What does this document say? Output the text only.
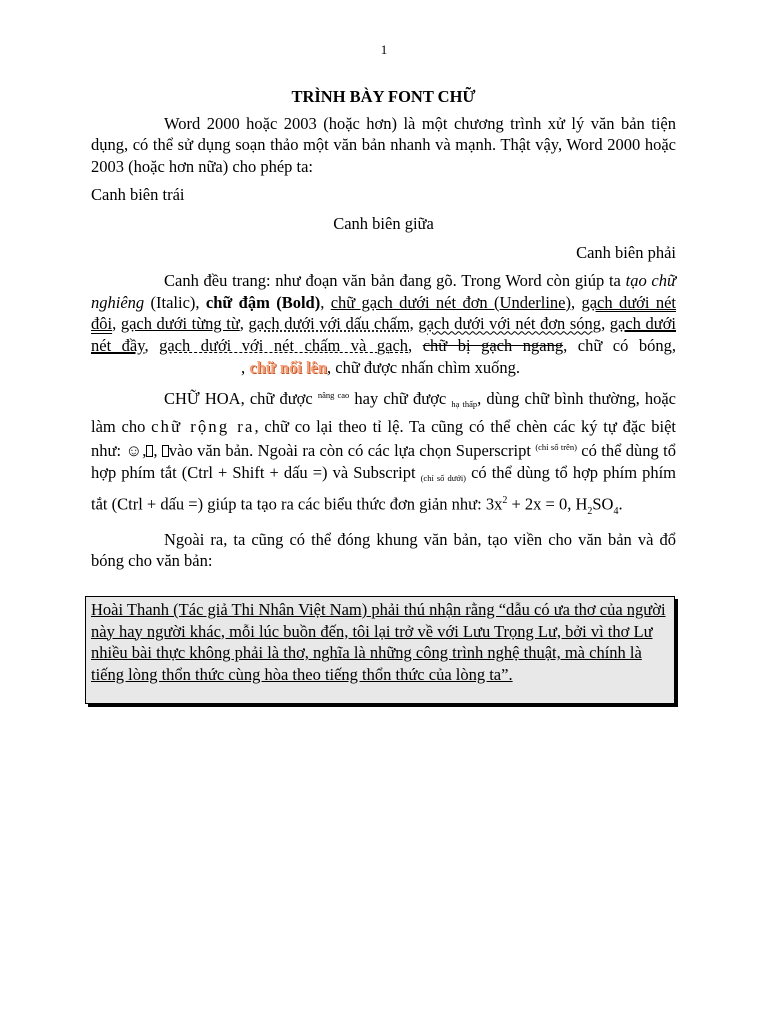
1

TRÌNH BÀY FONT CHỮ

Word 2000 hoặc 2003 (hoặc hơn) là một chương trình xử lý văn bản tiện dụng, có thể sử dụng soạn thảo một văn bản nhanh và mạnh. Thật vậy, Word 2000 hoặc 2003 (hoặc hơn nữa) cho phép ta:

Canh biên trái

Canh biên giữa

Canh biên phải

Canh đều trang: như đoạn văn bản đang gõ. Trong Word còn giúp ta tạo chữ nghiêng (Italic), chữ đậm (Bold), chữ gạch dưới nét đơn (Underline), gạch dưới nét đôi, gạch dưới từng từ, gạch dưới với dấu chấm, gạch dưới với nét đơn sóng, gạch dưới nét đầy, gạch dưới với nét chấm và gạch, chữ bị gạch ngang, chữ có bóng, , chữ nổi lên, chữ được nhấn chìm xuống.

CHỮ HOA, chữ được $^{nâng cao}$ hay chữ được hạ thấp, dùng chữ bình thường, hoặc làm cho chữ rộng ra, chữ co lại theo tỉ lệ. Ta cũng có thể chèn các ký tự đặc biệt như: ☺, , vào văn bản. Ngoài ra còn có các lựa chọn Superscript $^{(chỉ số trên)}$ có thể dùng tổ hợp phím tắt (Ctrl + Shift + dấu =) và Subscript (chỉ số dưới) có thể dùng tổ hợp phím phím tắt (Ctrl + dấu =) giúp ta tạo ra các biểu thức đơn giản như: $3x^2 + 2x = 0$, $H_2SO_4$.

Ngoài ra, ta cũng có thể đóng khung văn bản, tạo viền cho văn bản và đổ bóng cho văn bản:

Hoài Thanh (Tác giả Thi Nhân Việt Nam) phải thú nhận rằng “dẫu có ưa thơ của người này hay người khác, mỗi lúc buồn đến, tôi lại trở về với Lưu Trọng Lư, bởi vì thơ Lư nhiều bài thực không phải là thơ, nghĩa là những công trình nghệ thuật, mà chính là tiếng lòng thổn thức cùng hòa theo tiếng thổn thức của lòng ta”.
